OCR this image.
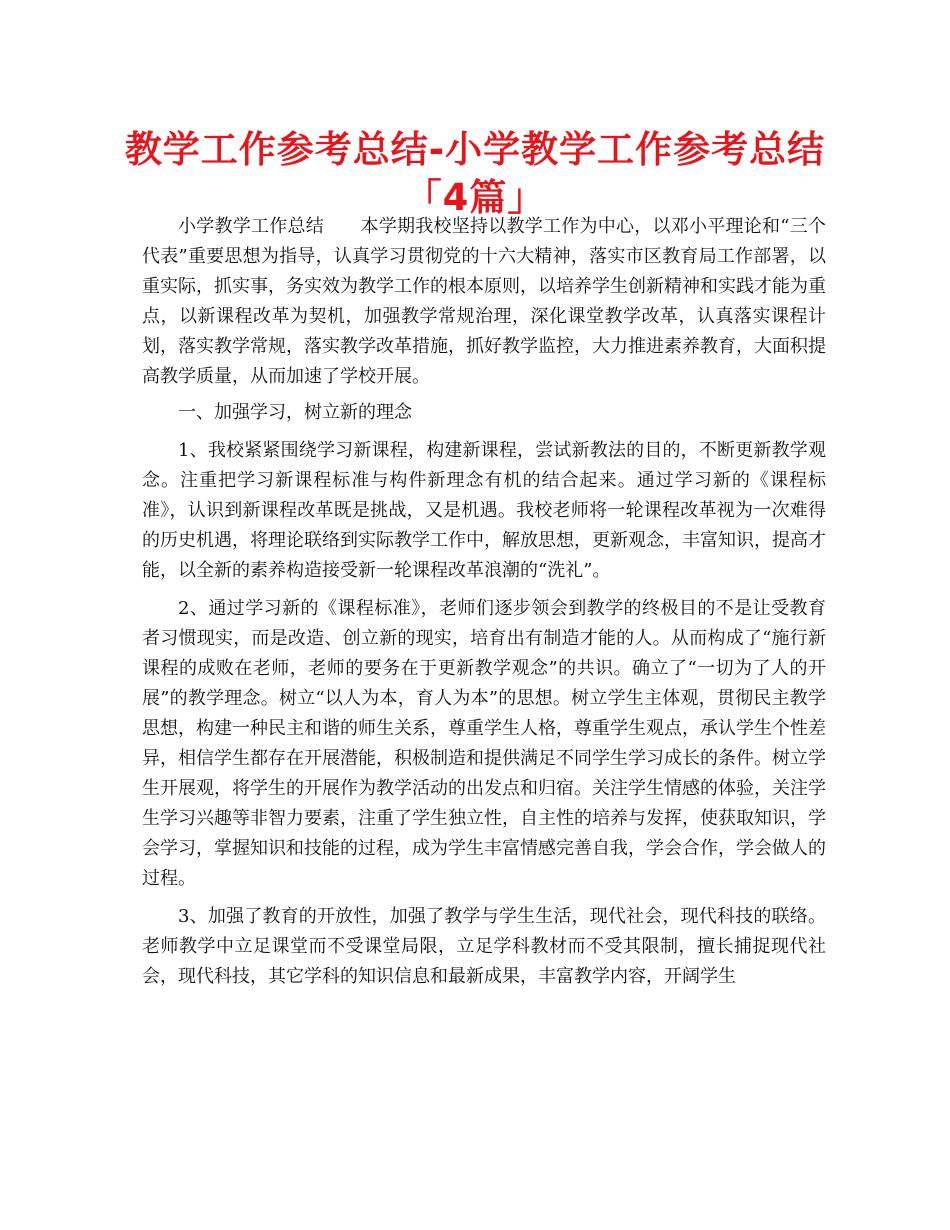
教学工作参考总结-小学教学工作参考总结「4篇」

小学教学工作总结　　本学期我校坚持以教学工作为中心，以邓小平理论和“三个代表”重要思想为指导，认真学习贯彻党的十六大精神，落实市区教育局工作部署，以重实际，抓实事，务实效为教学工作的根本原则，以培养学生创新精神和实践才能为重点，以新课程改革为契机，加强教学常规治理，深化课堂教学改革，认真落实课程计划，落实教学常规，落实教学改革措施，抓好教学监控，大力推进素养教育，大面积提高教学质量，从而加速了学校开展。

一、加强学习，树立新的理念

1、我校紧紧围绕学习新课程，构建新课程，尝试新教法的目的，不断更新教学观念。注重把学习新课程标准与构件新理念有机的结合起来。通过学习新的《课程标准》，认识到新课程改革既是挑战，又是机遇。我校老师将一轮课程改革视为一次难得的历史机遇，将理论联络到实际教学工作中，解放思想，更新观念，丰富知识，提高才能，以全新的素养构造接受新一轮课程改革浪潮的“洗礼”。

2、通过学习新的《课程标准》，老师们逐步领会到教学的终极目的不是让受教育者习惯现实，而是改造、创立新的现实，培育出有制造才能的人。从而构成了“施行新课程的成败在老师，老师的要务在于更新教学观念”的共识。确立了“一切为了人的开展”的教学理念。树立“以人为本，育人为本”的思想。树立学生主体观，贯彻民主教学思想，构建一种民主和谐的师生关系，尊重学生人格，尊重学生观点，承认学生个性差异，相信学生都存在开展潜能，积极制造和提供满足不同学生学习成长的条件。树立学生开展观，将学生的开展作为教学活动的出发点和归宿。关注学生情感的体验，关注学生学习兴趣等非智力要素，注重了学生独立性，自主性的培养与发挥，使获取知识，学会学习，掌握知识和技能的过程，成为学生丰富情感完善自我，学会合作，学会做人的过程。

3、加强了教育的开放性，加强了教学与学生生活，现代社会，现代科技的联络。老师教学中立足课堂而不受课堂局限，立足学科教材而不受其限制，擅长捕捉现代社会，现代科技，其它学科的知识信息和最新成果，丰富教学内容，开阔学生
